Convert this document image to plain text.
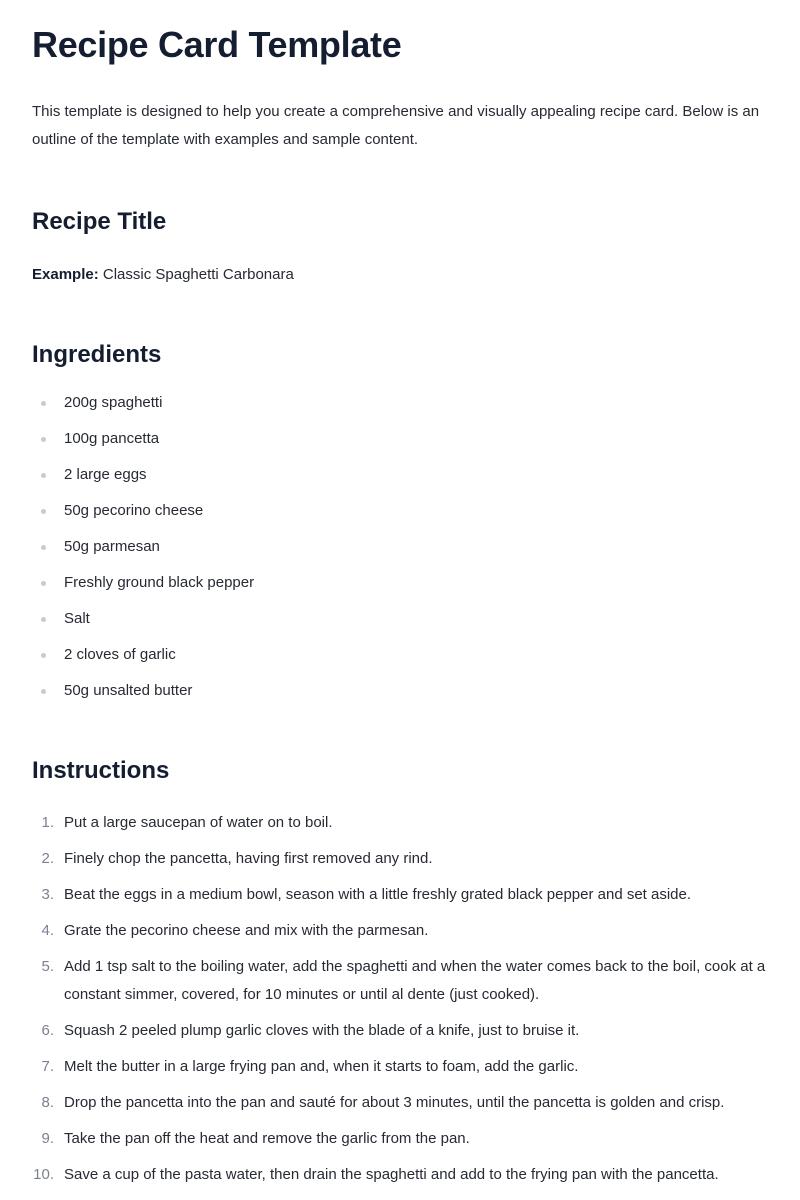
Recipe Card Template

This template is designed to help you create a comprehensive and visually appealing recipe card. Below is an outline of the template with examples and sample content.

Recipe Title

Example: Classic Spaghetti Carbonara

Ingredients
200g spaghetti
100g pancetta
2 large eggs
50g pecorino cheese
50g parmesan
Freshly ground black pepper
Salt
2 cloves of garlic
50g unsalted butter
Instructions
1. Put a large saucepan of water on to boil.
2. Finely chop the pancetta, having first removed any rind.
3. Beat the eggs in a medium bowl, season with a little freshly grated black pepper and set aside.
4. Grate the pecorino cheese and mix with the parmesan.
5. Add 1 tsp salt to the boiling water, add the spaghetti and when the water comes back to the boil, cook at a constant simmer, covered, for 10 minutes or until al dente (just cooked).
6. Squash 2 peeled plump garlic cloves with the blade of a knife, just to bruise it.
7. Melt the butter in a large frying pan and, when it starts to foam, add the garlic.
8. Drop the pancetta into the pan and sauté for about 3 minutes, until the pancetta is golden and crisp.
9. Take the pan off the heat and remove the garlic from the pan.
10. Save a cup of the pasta water, then drain the spaghetti and add to the frying pan with the pancetta.
